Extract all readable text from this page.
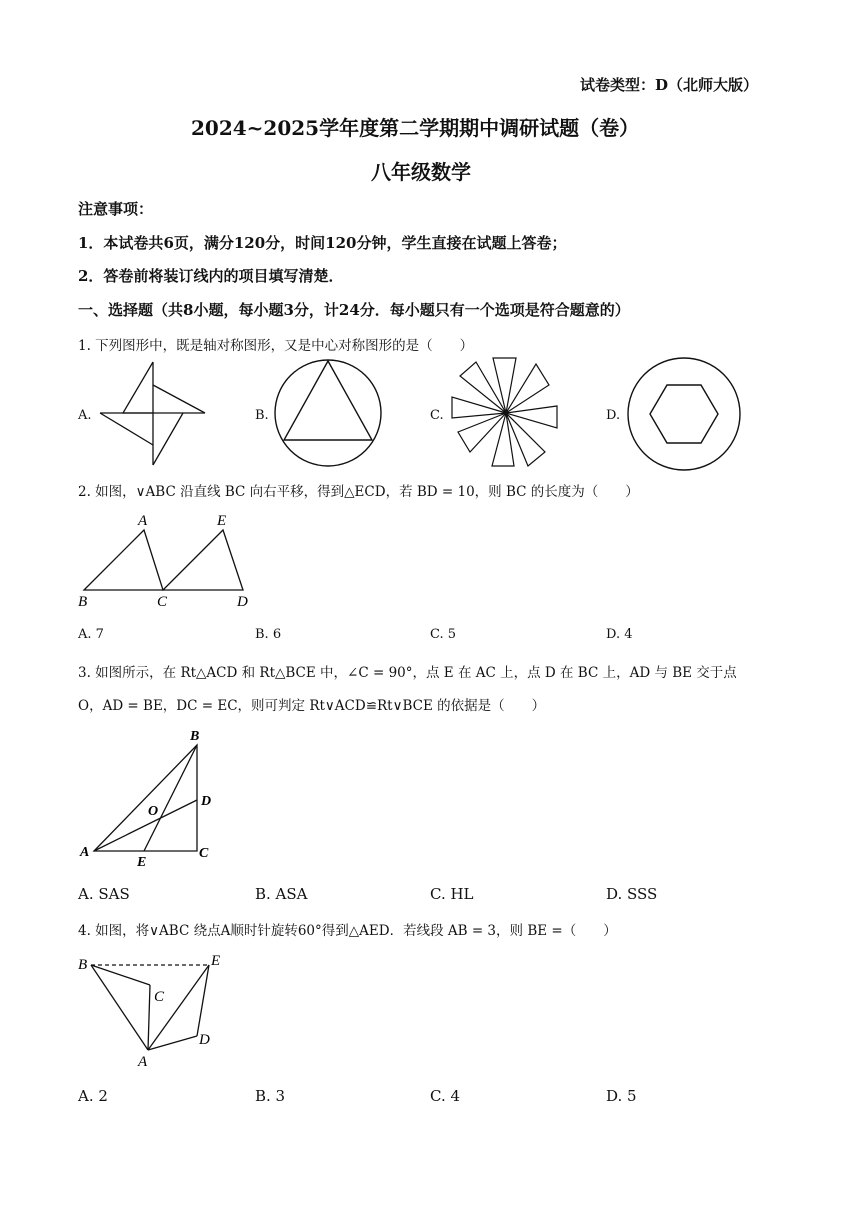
试卷类型：D（北师大版）
2024~2025学年度第二学期期中调研试题（卷）
八年级数学
注意事项：
1．本试卷共6页，满分120分，时间120分钟，学生直接在试题上答卷；
2．答卷前将装订线内的项目填写清楚．
一、选择题（共8小题，每小题3分，计24分．每小题只有一个选项是符合题意的）
1. 下列图形中，既是轴对称图形，又是中心对称图形的是（　　）
A.	B.	C.	D.
2. 如图，∨ABC 沿直线 BC 向右平移，得到△ECD，若 BD = 10，则 BC 的长度为（　　）
A	E
B	C	D
A. 7	B. 6	C. 5	D. 4
3. 如图所示，在 Rt△ACD 和 Rt△BCE 中，∠C = 90°，点 E 在 AC 上，点 D 在 BC 上，AD 与 BE 交于点
O，AD = BE，DC = EC，则可判定 Rt∨ACD≌Rt∨BCE 的依据是（　　）
B
O
D
A
E
C
A. SAS	B. ASA	C. HL	D. SSS
4. 如图，将∨ABC 绕点A顺时针旋转60°得到△AED．若线段 AB = 3，则 BE =（　　）
B	E
C
D
A
A. 2	B. 3	C. 4	D. 5
